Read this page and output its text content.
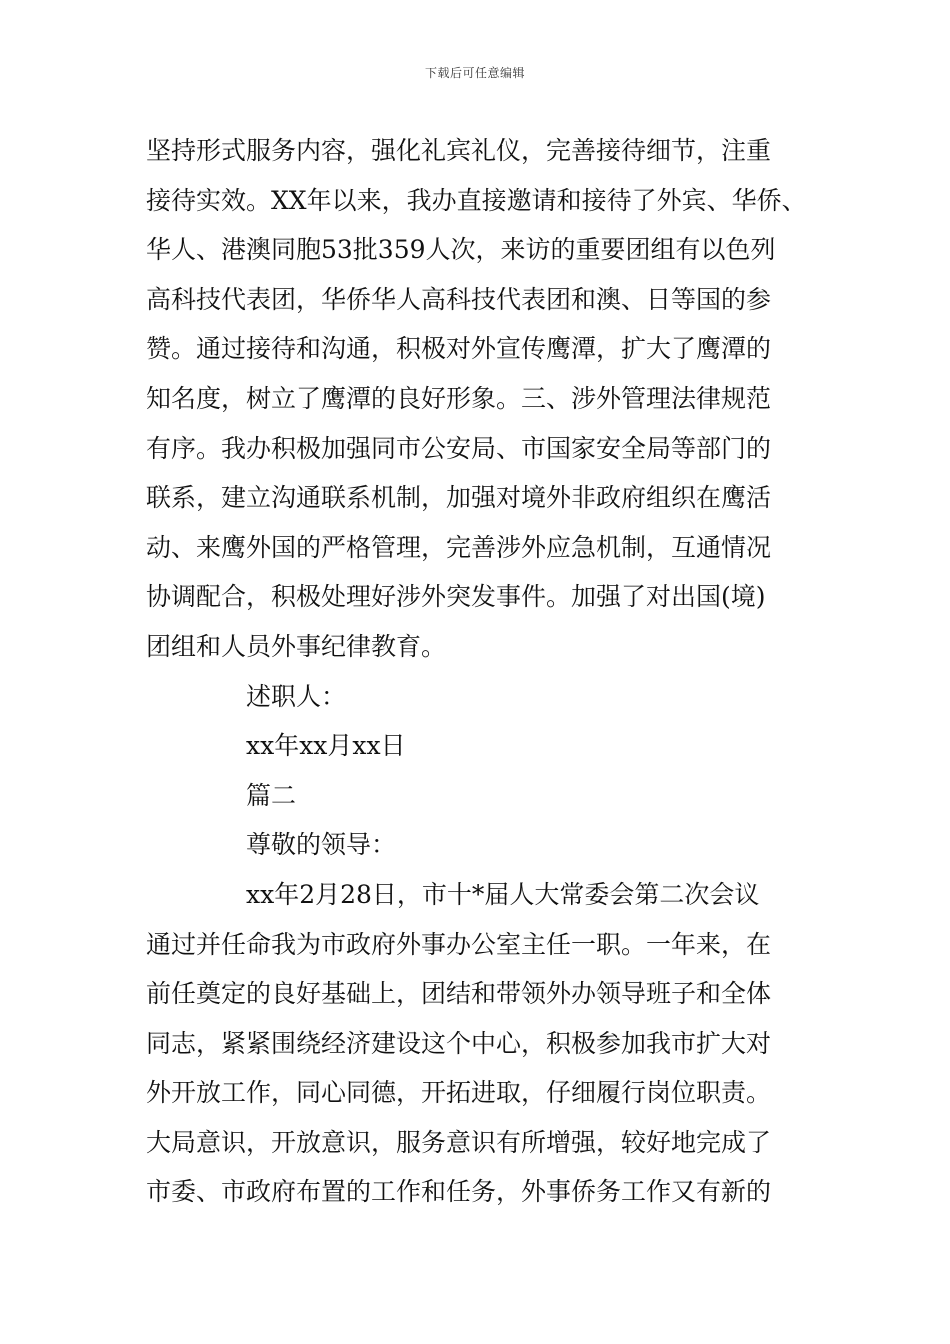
下载后可任意编辑
坚持形式服务内容，强化礼宾礼仪，完善接待细节，注重
接待实效。XX年以来，我办直接邀请和接待了外宾、华侨、
华人、港澳同胞53批359人次，来访的重要团组有以色列
高科技代表团，华侨华人高科技代表团和澳、日等国的参
赞。通过接待和沟通，积极对外宣传鹰潭，扩大了鹰潭的
知名度，树立了鹰潭的良好形象。三、涉外管理法律规范
有序。我办积极加强同市公安局、市国家安全局等部门的
联系，建立沟通联系机制，加强对境外非政府组织在鹰活
动、来鹰外国的严格管理，完善涉外应急机制，互通情况
协调配合，积极处理好涉外突发事件。加强了对出国(境)
团组和人员外事纪律教育。
述职人：
xx年xx月xx日
篇二
尊敬的领导：
xx年2月28日，市十*届人大常委会第二次会议
通过并任命我为市政府外事办公室主任一职。一年来，在
前任奠定的良好基础上，团结和带领外办领导班子和全体
同志，紧紧围绕经济建设这个中心，积极参加我市扩大对
外开放工作，同心同德，开拓进取，仔细履行岗位职责。
大局意识，开放意识，服务意识有所增强，较好地完成了
市委、市政府布置的工作和任务，外事侨务工作又有新的
